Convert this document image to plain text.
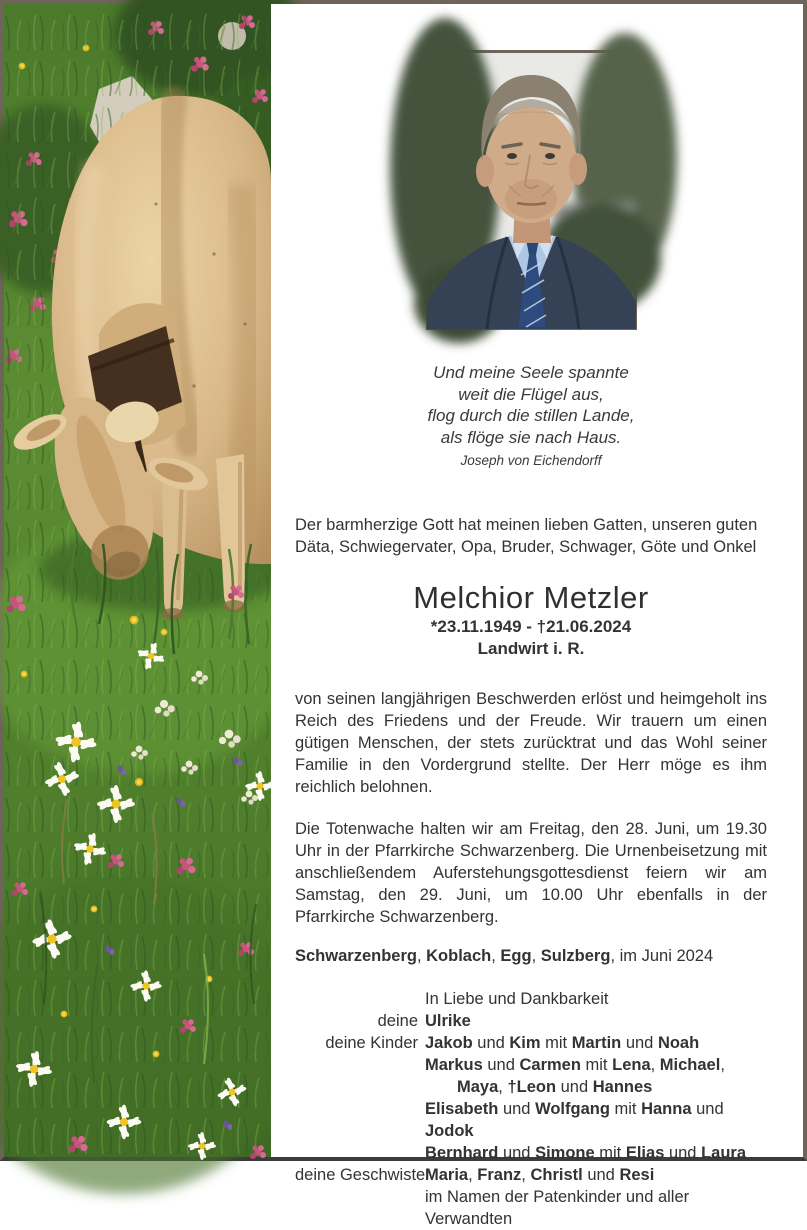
Und meine Seele spannte
weit die Flügel aus,
flog durch die stillen Lande,
als flöge sie nach Haus.
Joseph von Eichendorff
Der barmherzige Gott hat meinen lieben Gatten, unseren guten Däta, Schwiegervater, Opa, Bruder, Schwager, Göte und Onkel
Melchior Metzler
*23.11.1949 - †21.06.2024
Landwirt i. R.
von seinen langjährigen Beschwerden erlöst und heimgeholt ins Reich des Friedens und der Freude. Wir trauern um einen gütigen Menschen, der stets zurücktrat und das Wohl seiner Familie in den Vordergrund stellte. Der Herr möge es ihm reichlich belohnen.
Die Totenwache halten wir am Freitag, den 28. Juni, um 19.30 Uhr in der Pfarrkirche Schwarzenberg. Die Urnenbeisetzung mit anschließendem Auferstehungsgottesdienst feiern wir am Samstag, den 29. Juni, um 10.00 Uhr ebenfalls in der Pfarrkirche Schwarzenberg.
Schwarzenberg, Koblach, Egg, Sulzberg, im Juni 2024
In Liebe und Dankbarkeit
deine Ulrike
deine Kinder Jakob und Kim mit Martin und Noah
Markus und Carmen mit Lena, Michael,
Maya, †Leon und Hannes
Elisabeth und Wolfgang mit Hanna und Jodok
Bernhard und Simone mit Elias und Laura
deine Geschwister
Maria, Franz, Christl und Resi
im Namen der Patenkinder und aller Verwandten
